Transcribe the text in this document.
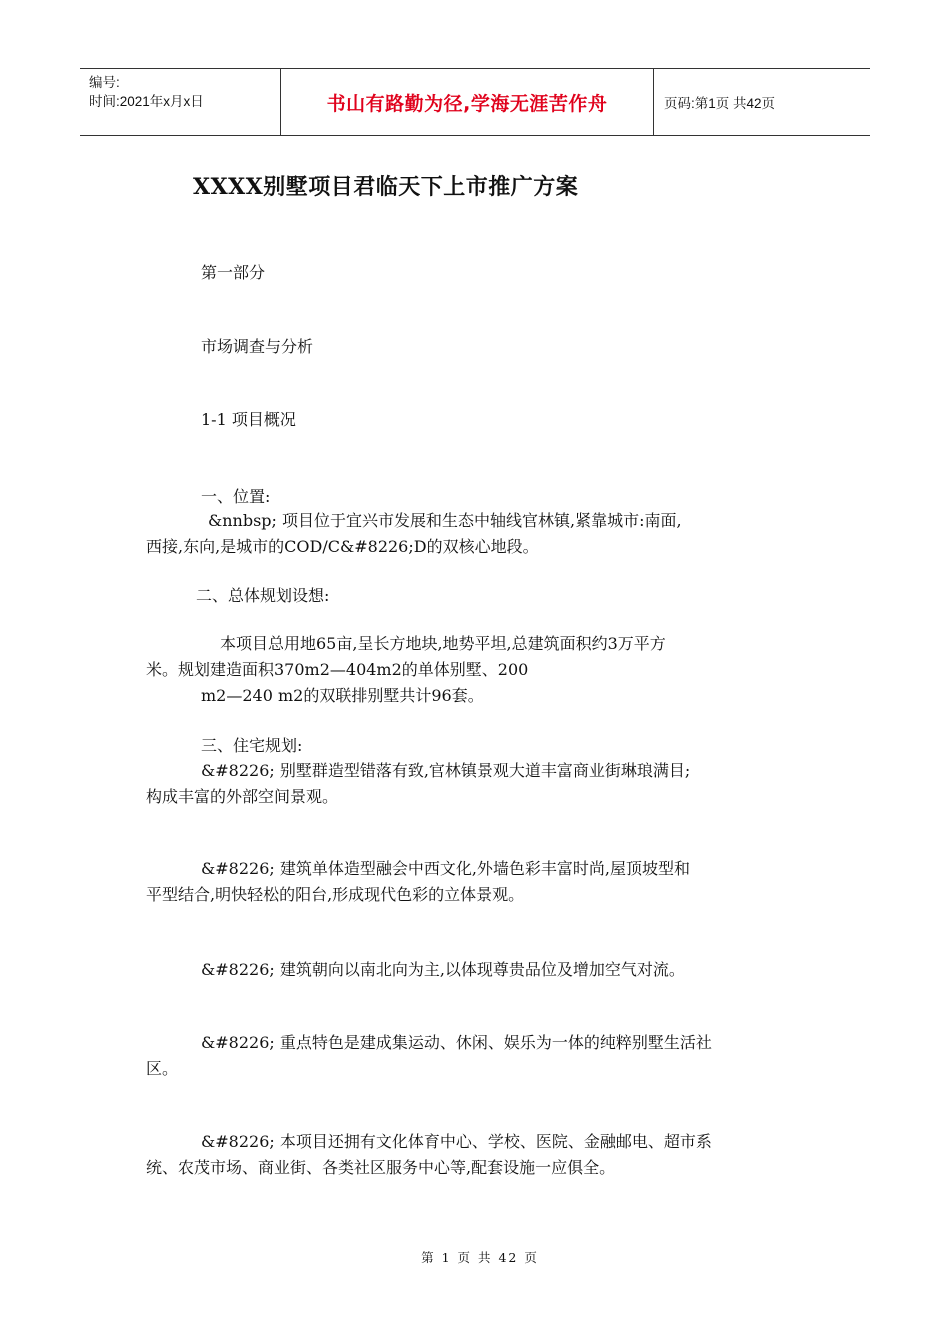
编号:
时间:2021年x月x日	书山有路勤为径,学海无涯苦作舟	页码:第1页 共42页
XXXX别墅项目君临天下上市推广方案

第一部分

市场调查与分析

1-1 项目概况

一、位置:

&nnbsp; 项目位于宜兴市发展和生态中轴线官林镇,紧靠城市:南面,
西接,东向,是城市的COD/C&#8226;D的双核心地段。

二、总体规划设想:

本项目总用地65亩,呈长方地块,地势平坦,总建筑面积约3万平方
米。规划建造面积370m2—404m2的单体别墅、200
m2—240 m2的双联排别墅共计96套。

三、住宅规划:

&#8226; 别墅群造型错落有致,官林镇景观大道丰富商业街琳琅满目;
构成丰富的外部空间景观。
&#8226; 建筑单体造型融会中西文化,外墙色彩丰富时尚,屋顶坡型和
平型结合,明快轻松的阳台,形成现代色彩的立体景观。
&#8226; 建筑朝向以南北向为主,以体现尊贵品位及增加空气对流。
&#8226; 重点特色是建成集运动、休闲、娱乐为一体的纯粹别墅生活社
区。
&#8226; 本项目还拥有文化体育中心、学校、医院、金融邮电、超市系
统、农茂市场、商业街、各类社区服务中心等,配套设施一应俱全。
第 1 页 共 42 页
